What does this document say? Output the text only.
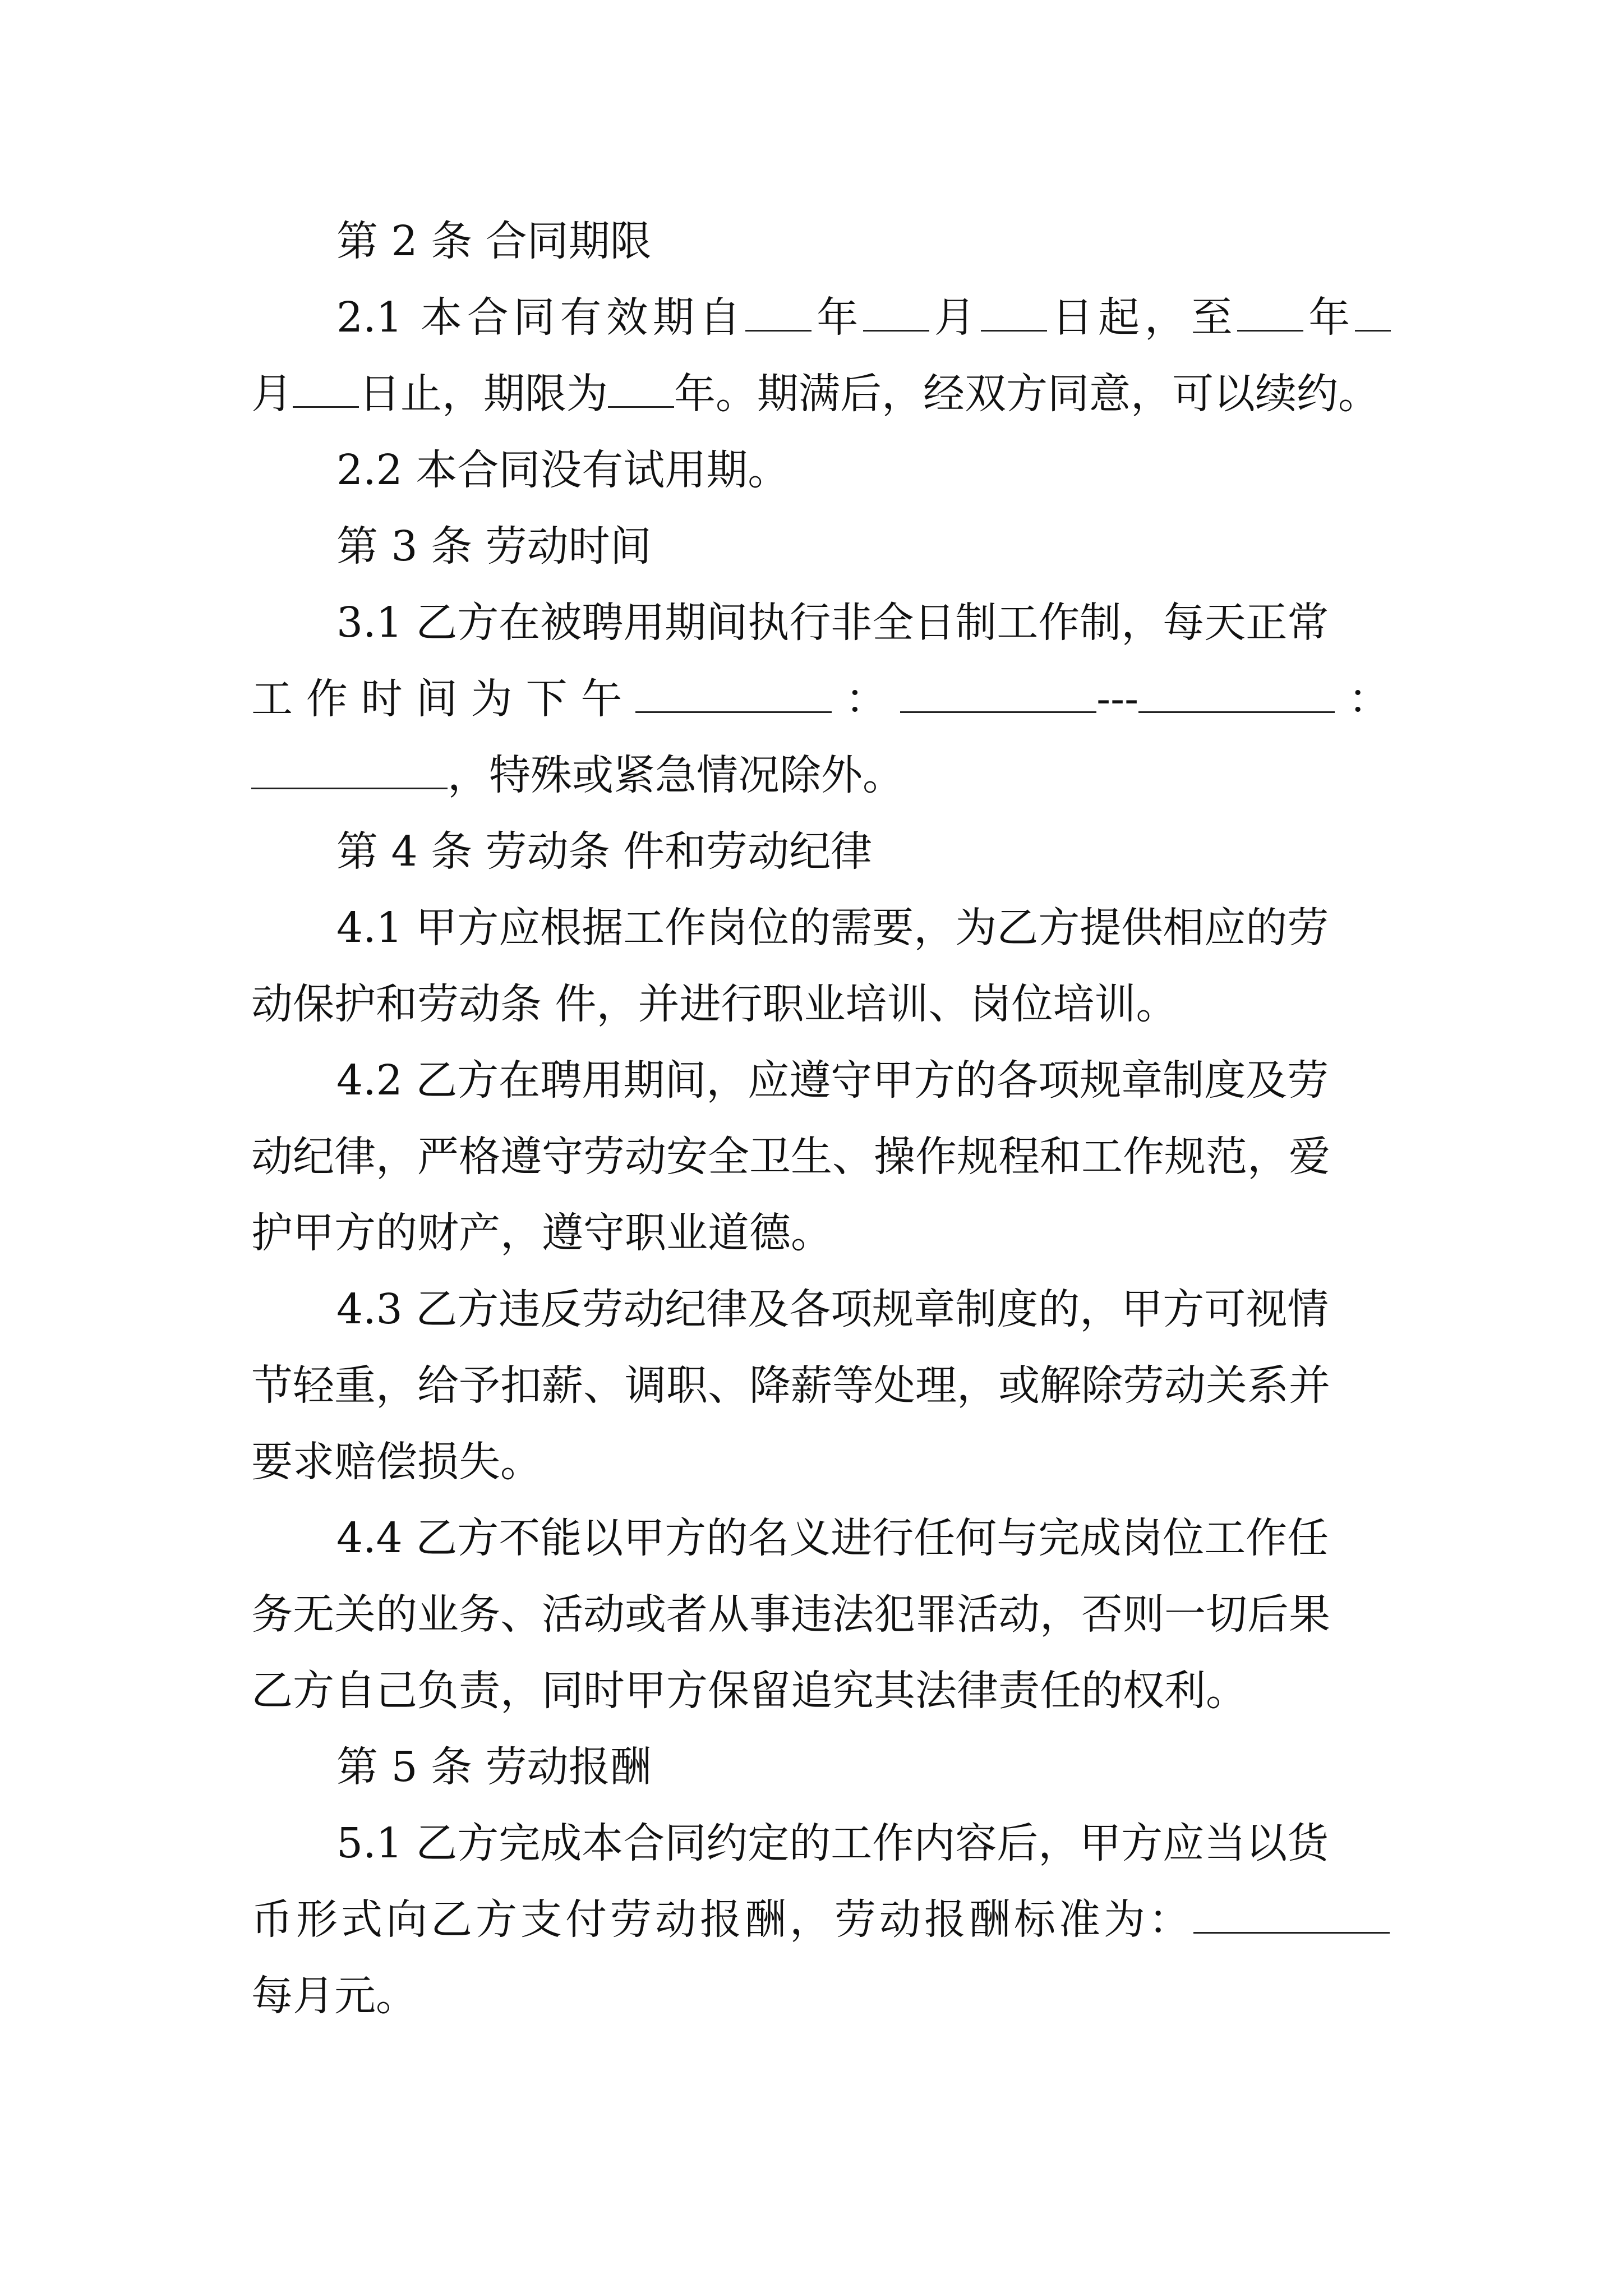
第 2 条 合同期限
2.1 本合同有效期自 年 月 日起，至 年
月 日止，期限为 年。期满后，经双方同意，可以续约。
2.2 本合同没有试用期。
第 3 条 劳动时间
3.1 乙方在被聘用期间执行非全日制工作制，每天正常
工作时间为下午	：	---	：
，特殊或紧急情况除外。
第 4 条 劳动条 件和劳动纪律
4.1 甲方应根据工作岗位的需要，为乙方提供相应的劳
动保护和劳动条 件，并进行职业培训、岗位培训。
4.2 乙方在聘用期间，应遵守甲方的各项规章制度及劳
动纪律，严格遵守劳动安全卫生、操作规程和工作规范，爱
护甲方的财产，遵守职业道德。
4.3 乙方违反劳动纪律及各项规章制度的，甲方可视情
节轻重，给予扣薪、调职、降薪等处理，或解除劳动关系并
要求赔偿损失。
4.4 乙方不能以甲方的名义进行任何与完成岗位工作任
务无关的业务、活动或者从事违法犯罪活动，否则一切后果
乙方自己负责，同时甲方保留追究其法律责任的权利。
第 5 条 劳动报酬
5.1 乙方完成本合同约定的工作内容后，甲方应当以货
币形式向乙方支付劳动报酬，劳动报酬标准为：
每月元。
